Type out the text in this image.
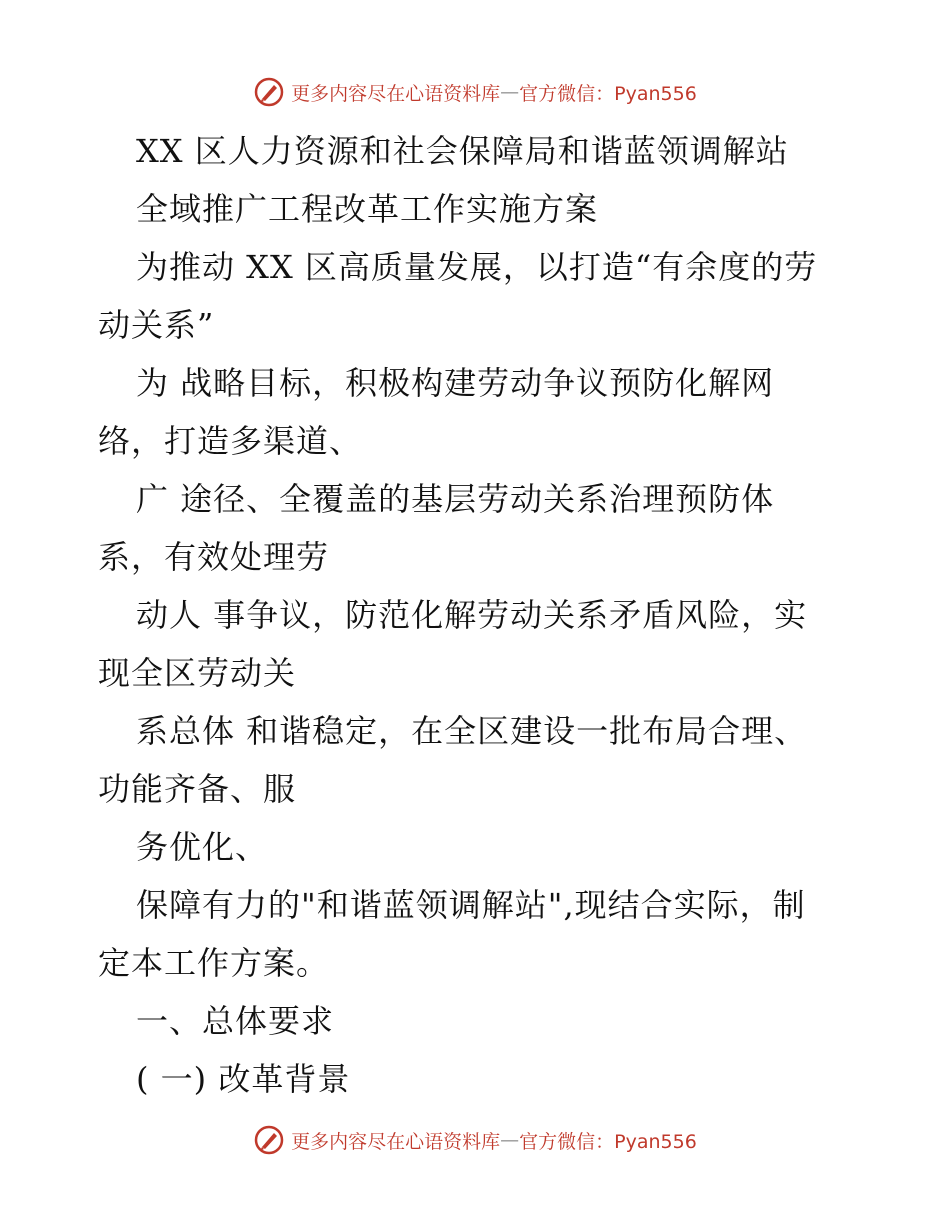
更多内容尽在心语资料库 — 官方微信：Pyan556
XX 区人力资源和社会保障局和谐蓝领调解站
全域推广工程改革工作实施方案
为推动 XX 区高质量发展，以打造“有余度的劳
动关系”
为 战略目标，积极构建劳动争议预防化解网
络，打造多渠道、
广 途径、全覆盖的基层劳动关系治理预防体
系，有效处理劳
动人 事争议，防范化解劳动关系矛盾风险，实
现全区劳动关
系总体 和谐稳定，在全区建设一批布局合理、
功能齐备、服
务优化、
保障有力的"和谐蓝领调解站",现结合实际，制
定本工作方案。
一、总体要求
( 一) 改革背景
更多内容尽在心语资料库 — 官方微信：Pyan556
